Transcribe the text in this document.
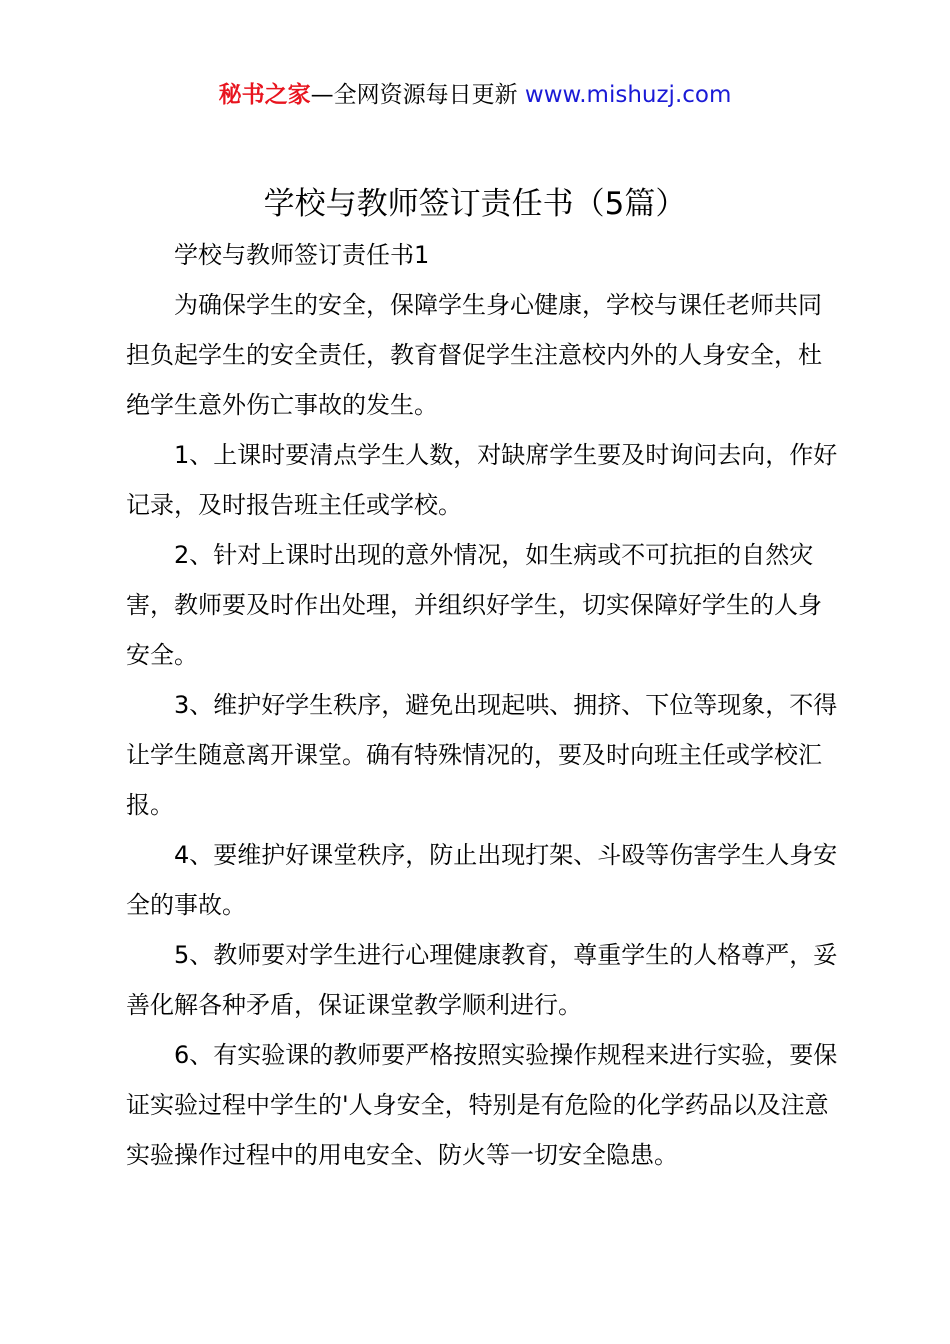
秘书之家—全网资源每日更新 www.mishuzj.com
学校与教师签订责任书（5篇）

学校与教师签订责任书1

为确保学生的安全，保障学生身心健康，学校与课任老师共同担负起学生的安全责任，教育督促学生注意校内外的人身安全，杜绝学生意外伤亡事故的发生。

1、上课时要清点学生人数，对缺席学生要及时询问去向，作好记录，及时报告班主任或学校。

2、针对上课时出现的意外情况，如生病或不可抗拒的自然灾害，教师要及时作出处理，并组织好学生，切实保障好学生的人身安全。

3、维护好学生秩序，避免出现起哄、拥挤、下位等现象，不得让学生随意离开课堂。确有特殊情况的，要及时向班主任或学校汇报。

4、要维护好课堂秩序，防止出现打架、斗殴等伤害学生人身安全的事故。

5、教师要对学生进行心理健康教育，尊重学生的人格尊严，妥善化解各种矛盾，保证课堂教学顺利进行。

6、有实验课的教师要严格按照实验操作规程来进行实验，要保证实验过程中学生的'人身安全，特别是有危险的化学药品以及注意实验操作过程中的用电安全、防火等一切安全隐患。
